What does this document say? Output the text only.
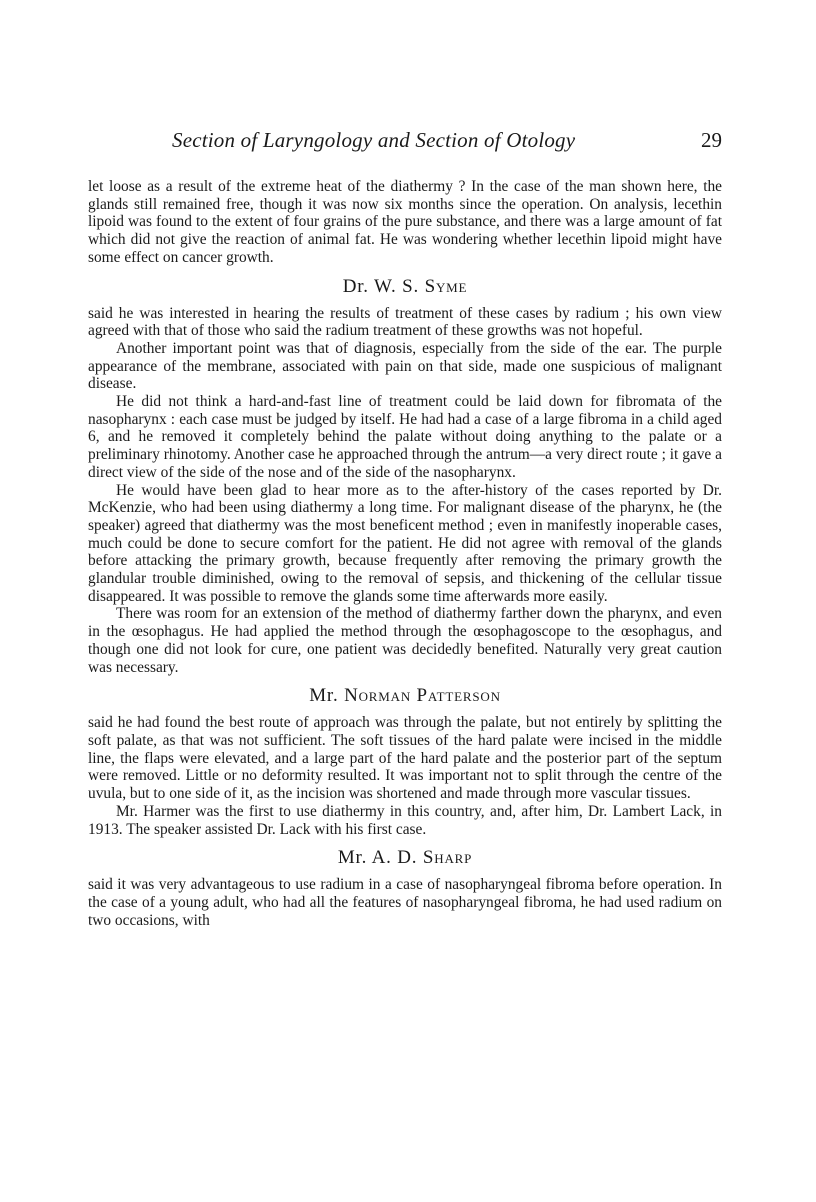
Section of Laryngology and Section of Otology	29

let loose as a result of the extreme heat of the diathermy ? In the case of the man shown here, the glands still remained free, though it was now six months since the operation. On analysis, lecethin lipoid was found to the extent of four grains of the pure substance, and there was a large amount of fat which did not give the reaction of animal fat. He was wondering whether lecethin lipoid might have some effect on cancer growth.

Dr. W. S. Syme

said he was interested in hearing the results of treatment of these cases by radium ; his own view agreed with that of those who said the radium treatment of these growths was not hopeful.

Another important point was that of diagnosis, especially from the side of the ear. The purple appearance of the membrane, associated with pain on that side, made one suspicious of malignant disease.

He did not think a hard-and-fast line of treatment could be laid down for fibromata of the nasopharynx : each case must be judged by itself. He had had a case of a large fibroma in a child aged 6, and he removed it completely behind the palate without doing anything to the palate or a preliminary rhinotomy. Another case he approached through the antrum—a very direct route ; it gave a direct view of the side of the nose and of the side of the nasopharynx.

He would have been glad to hear more as to the after-history of the cases reported by Dr. McKenzie, who had been using diathermy a long time. For malignant disease of the pharynx, he (the speaker) agreed that diathermy was the most beneficent method ; even in manifestly inoperable cases, much could be done to secure comfort for the patient. He did not agree with removal of the glands before attacking the primary growth, because frequently after removing the primary growth the glandular trouble diminished, owing to the removal of sepsis, and thickening of the cellular tissue disappeared. It was possible to remove the glands some time afterwards more easily.

There was room for an extension of the method of diathermy farther down the pharynx, and even in the œsophagus. He had applied the method through the œsophagoscope to the œsophagus, and though one did not look for cure, one patient was decidedly benefited. Naturally very great caution was necessary.

Mr. Norman Patterson

said he had found the best route of approach was through the palate, but not entirely by splitting the soft palate, as that was not sufficient. The soft tissues of the hard palate were incised in the middle line, the flaps were elevated, and a large part of the hard palate and the posterior part of the septum were removed. Little or no deformity resulted. It was important not to split through the centre of the uvula, but to one side of it, as the incision was shortened and made through more vascular tissues.

Mr. Harmer was the first to use diathermy in this country, and, after him, Dr. Lambert Lack, in 1913. The speaker assisted Dr. Lack with his first case.

Mr. A. D. Sharp

said it was very advantageous to use radium in a case of nasopharyngeal fibroma before operation. In the case of a young adult, who had all the features of nasopharyngeal fibroma, he had used radium on two occasions, with
